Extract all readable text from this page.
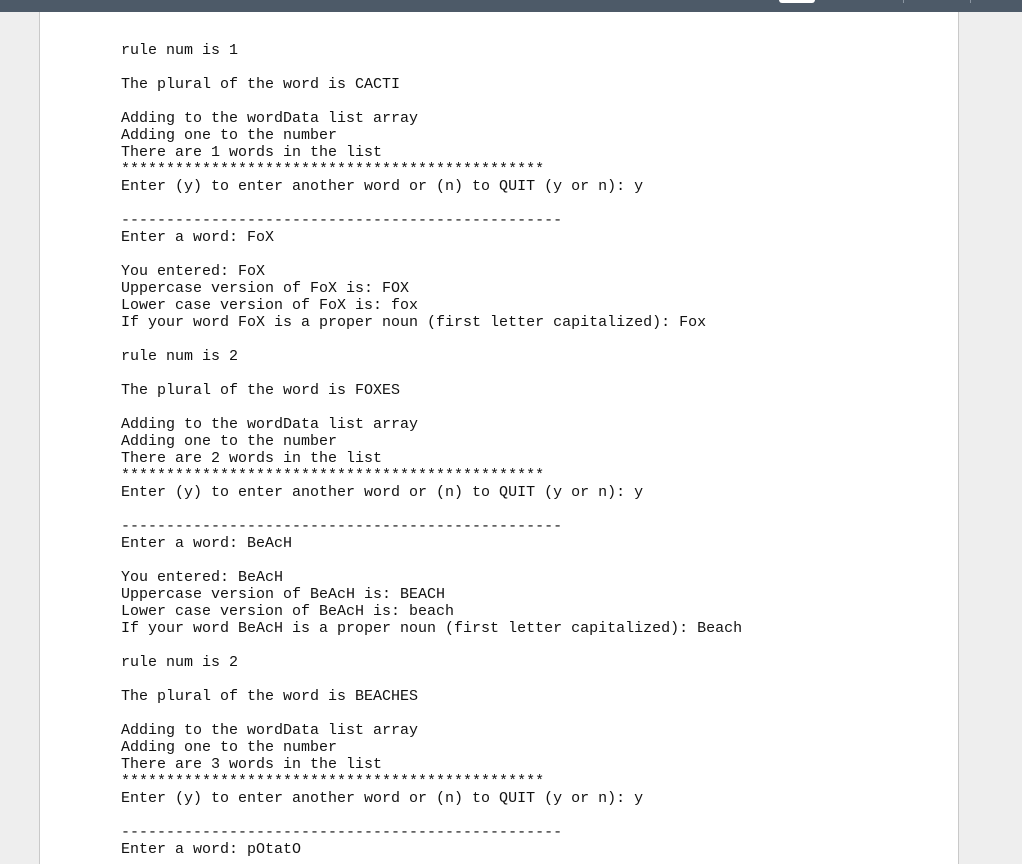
rule num is 1
The plural of the word is CACTI
Adding to the wordData list array
Adding one to the number
There are 1 words in the list
***********************************************
Enter (y) to enter another word or (n) to QUIT (y or n): y
-------------------------------------------------
Enter a word: FoX
You entered: FoX
Uppercase version of FoX is: FOX
Lower case version of FoX is: fox
If your word FoX is a proper noun (first letter capitalized): Fox
rule num is 2
The plural of the word is FOXES
Adding to the wordData list array
Adding one to the number
There are 2 words in the list
***********************************************
Enter (y) to enter another word or (n) to QUIT (y or n): y
-------------------------------------------------
Enter a word: BeAcH
You entered: BeAcH
Uppercase version of BeAcH is: BEACH
Lower case version of BeAcH is: beach
If your word BeAcH is a proper noun (first letter capitalized): Beach
rule num is 2
The plural of the word is BEACHES
Adding to the wordData list array
Adding one to the number
There are 3 words in the list
***********************************************
Enter (y) to enter another word or (n) to QUIT (y or n): y
-------------------------------------------------
Enter a word: pOtatO
